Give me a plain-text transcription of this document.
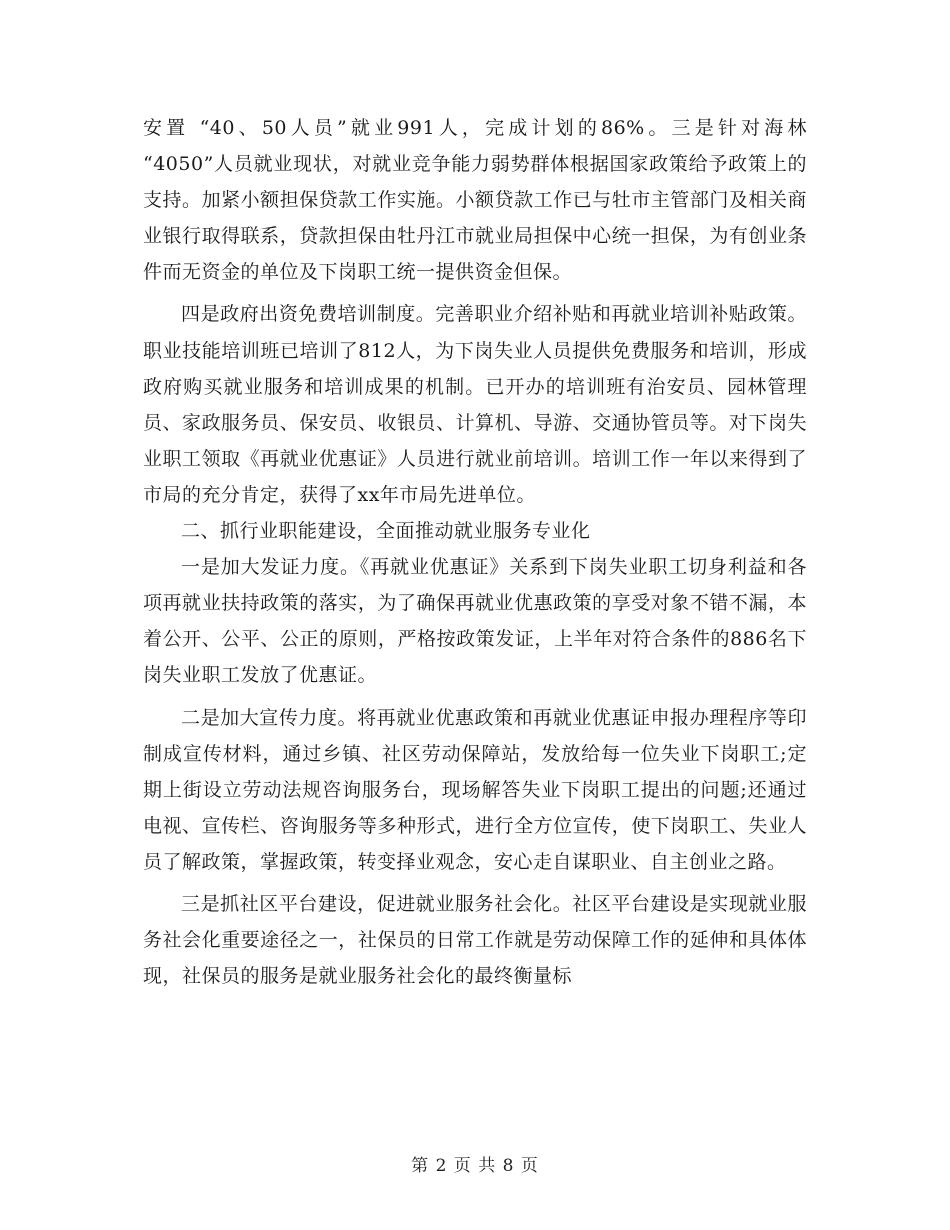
安置 “40、50人员”就业991人，完成计划的86%。三是针对海林 “4050”人员就业现状，对就业竞争能力弱势群体根据国家政策给予政策上的支持。加紧小额担保贷款工作实施。小额贷款工作已与牡市主管部门及相关商业银行取得联系，贷款担保由牡丹江市就业局担保中心统一担保，为有创业条件而无资金的单位及下岗职工统一提供资金但保。

四是政府出资免费培训制度。完善职业介绍补贴和再就业培训补贴政策。职业技能培训班已培训了812人，为下岗失业人员提供免费服务和培训，形成政府购买就业服务和培训成果的机制。已开办的培训班有治安员、园林管理员、家政服务员、保安员、收银员、计算机、导游、交通协管员等。对下岗失业职工领取《再就业优惠证》人员进行就业前培训。培训工作一年以来得到了市局的充分肯定，获得了xx年市局先进单位。

二、抓行业职能建设，全面推动就业服务专业化

一是加大发证力度。《再就业优惠证》关系到下岗失业职工切身利益和各项再就业扶持政策的落实，为了确保再就业优惠政策的享受对象不错不漏，本着公开、公平、公正的原则，严格按政策发证，上半年对符合条件的886名下岗失业职工发放了优惠证。

二是加大宣传力度。将再就业优惠政策和再就业优惠证申报办理程序等印制成宣传材料，通过乡镇、社区劳动保障站，发放给每一位失业下岗职工;定期上街设立劳动法规咨询服务台，现场解答失业下岗职工提出的问题;还通过电视、宣传栏、咨询服务等多种形式，进行全方位宣传，使下岗职工、失业人员了解政策，掌握政策，转变择业观念，安心走自谋职业、自主创业之路。

三是抓社区平台建设，促进就业服务社会化。社区平台建设是实现就业服务社会化重要途径之一，社保员的日常工作就是劳动保障工作的延伸和具体体现，社保员的服务是就业服务社会化的最终衡量标

第 2 页 共 8 页
